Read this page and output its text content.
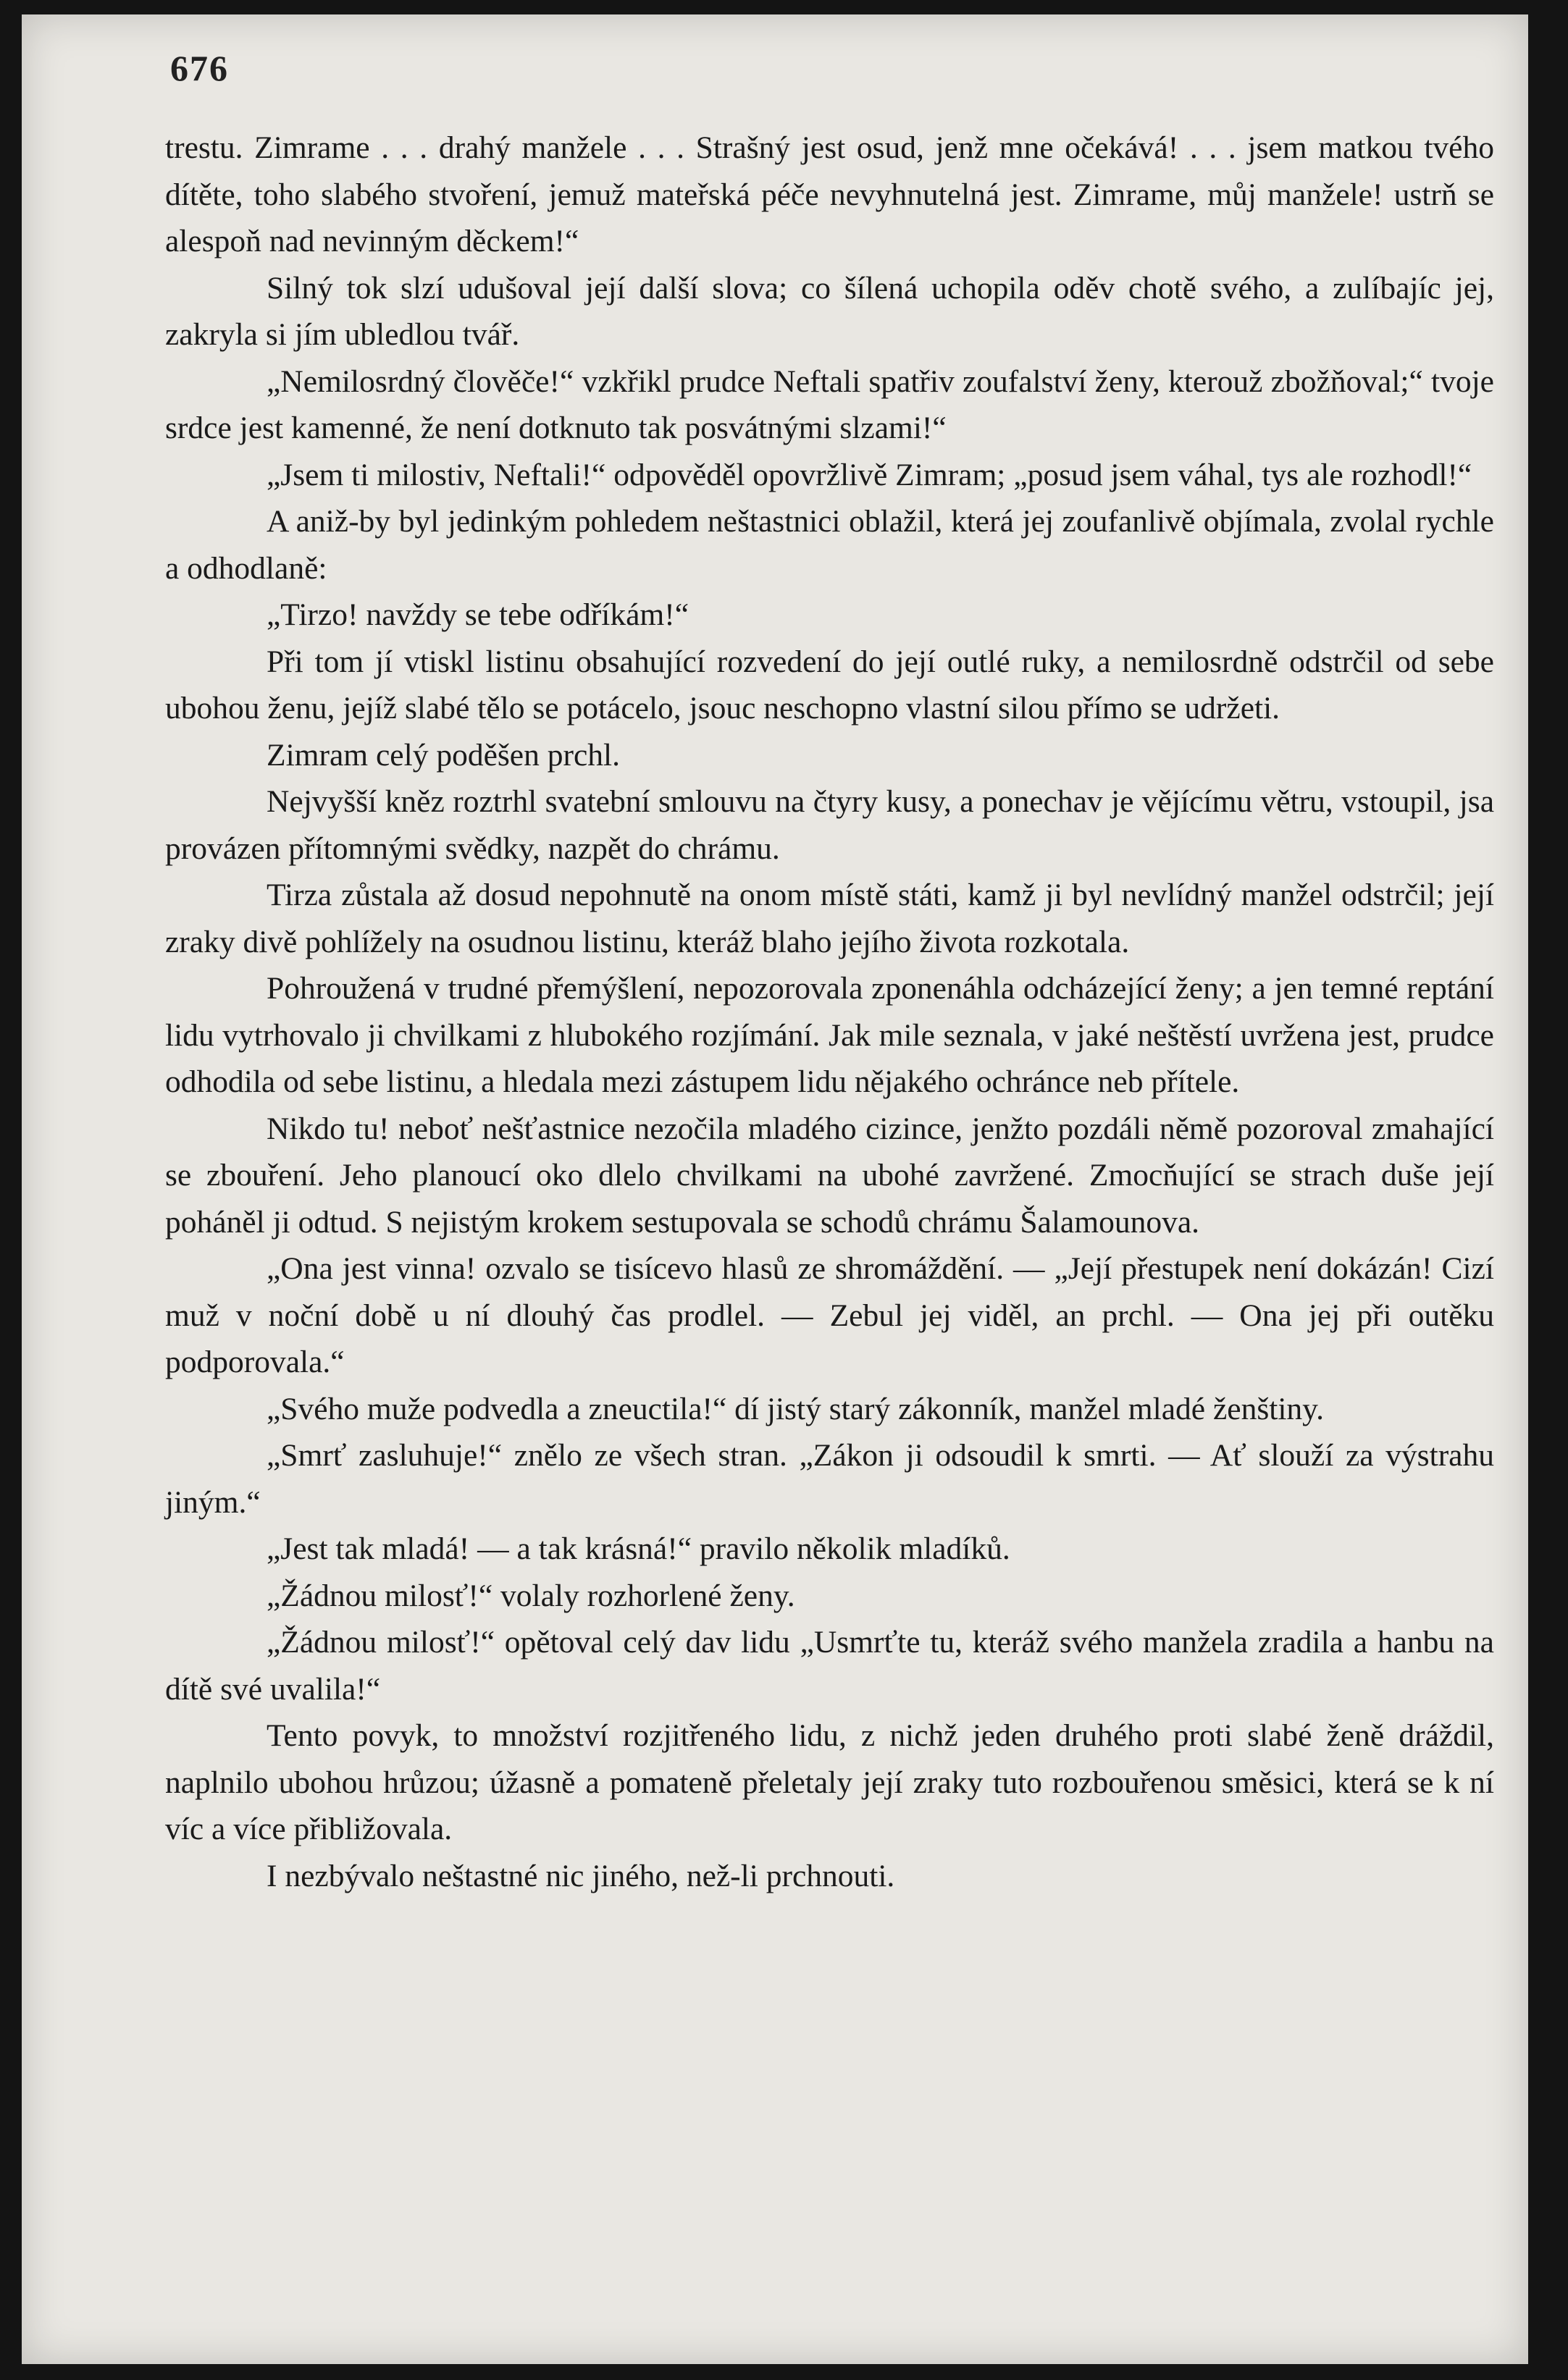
676

trestu. Zimrame . . . drahý manžele . . . Strašný jest osud, jenž mne očekává! . . . jsem matkou tvého dítěte, toho slabého stvoření, jemuž mateřská péče nevyhnutelná jest. Zimrame, můj manžele! ustrň se alespoň nad nevinným děckem!“

Silný tok slzí udušoval její další slova; co šílená uchopila oděv chotě svého, a zulíbajíc jej, zakryla si jím ubledlou tvář.

„Nemilosrdný člověče!“ vzkřikl prudce Neftali spatřiv zoufalství ženy, kterouž zbožňoval;“ tvoje srdce jest kamenné, že není dotknuto tak posvátnými slzami!“

„Jsem ti milostiv, Neftali!“ odpověděl opovržlivě Zimram; „posud jsem váhal, tys ale rozhodl!“

A aniž-by byl jedinkým pohledem neštastnici oblažil, která jej zoufanlivě objímala, zvolal rychle a odhodlaně:

„Tirzo! navždy se tebe odříkám!“

Při tom jí vtiskl listinu obsahující rozvedení do její outlé ruky, a nemilosrdně odstrčil od sebe ubohou ženu, jejíž slabé tělo se potácelo, jsouc neschopno vlastní silou přímo se udržeti.

Zimram celý poděšen prchl.

Nejvyšší kněz roztrhl svatební smlouvu na čtyry kusy, a ponechav je vějícímu větru, vstoupil, jsa provázen přítomnými svědky, nazpět do chrámu.

Tirza zůstala až dosud nepohnutě na onom místě státi, kamž ji byl nevlídný manžel odstrčil; její zraky divě pohlížely na osudnou listinu, kteráž blaho jejího života rozkotala.

Pohroužená v trudné přemýšlení, nepozorovala zponenáhla odcházející ženy; a jen temné reptání lidu vytrhovalo ji chvilkami z hlubokého rozjímání. Jak mile seznala, v jaké neštěstí uvržena jest, prudce odhodila od sebe listinu, a hledala mezi zástupem lidu nějakého ochránce neb přítele.

Nikdo tu! neboť nešťastnice nezočila mladého cizince, jenžto pozdáli němě pozoroval zmahající se zbouření. Jeho planoucí oko dlelo chvilkami na ubohé zavržené. Zmocňující se strach duše její poháněl ji odtud. S nejistým krokem sestupovala se schodů chrámu Šalamounova.

„Ona jest vinna! ozvalo se tisícevo hlasů ze shromáždění. — „Její přestupek není dokázán! Cizí muž v noční době u ní dlouhý čas prodlel. — Zebul jej viděl, an prchl. — Ona jej při outěku podporovala.“

„Svého muže podvedla a zneuctila!“ dí jistý starý zákonník, manžel mladé ženštiny.

„Smrť zasluhuje!“ znělo ze všech stran. „Zákon ji odsoudil k smrti. — Ať slouží za výstrahu jiným.“

„Jest tak mladá! — a tak krásná!“ pravilo několik mladíků.

„Žádnou milosť!“ volaly rozhorlené ženy.

„Žádnou milosť!“ opětoval celý dav lidu „Usmrťte tu, kteráž svého manžela zradila a hanbu na dítě své uvalila!“

Tento povyk, to množství rozjitřeného lidu, z nichž jeden druhého proti slabé ženě dráždil, naplnilo ubohou hrůzou; úžasně a pomateně přeletaly její zraky tuto rozbouřenou směsici, která se k ní víc a více přibližovala.

I nezbývalo neštastné nic jiného, než-li prchnouti.
